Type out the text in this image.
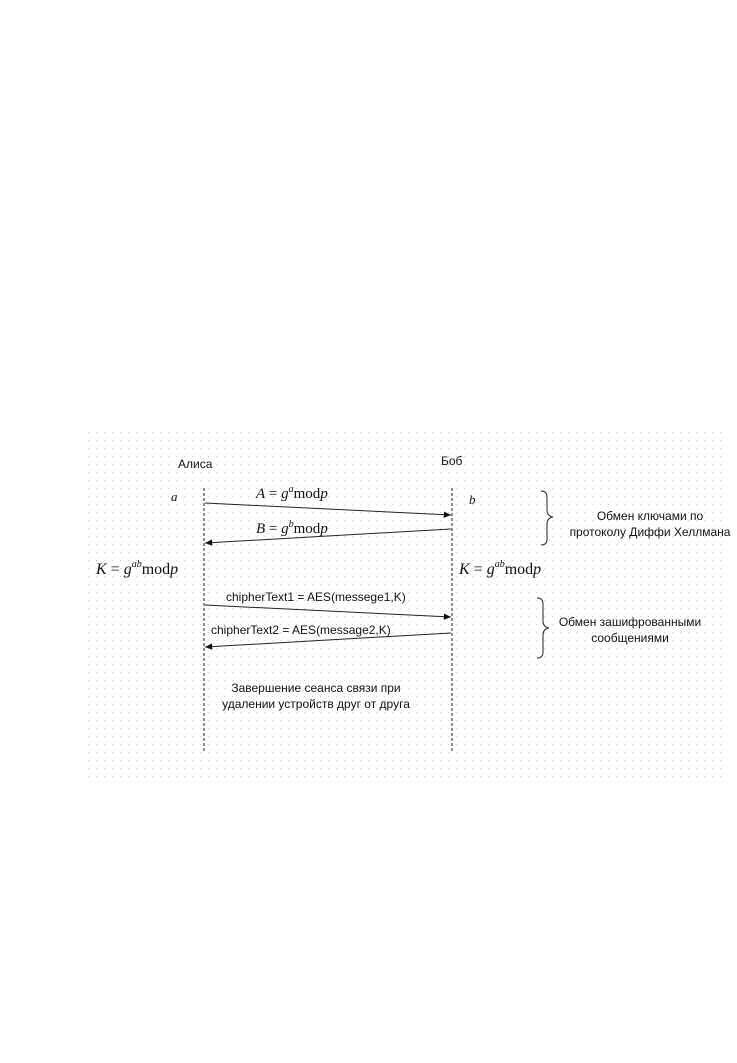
Алиса	Боб
a	b
$A = g^amodp$
$B = g^bmodp$
Обмен ключами по
протоколу Диффи Хеллмана
$K = g^{ab}modp$	$K = g^{ab}modp$
chipherText1 = AES(messege1,K)
chipherText2 = AES(message2,K)
Обмен зашифрованными
сообщениями
Завершение сеанса связи при
удалении устройств друг от друга
